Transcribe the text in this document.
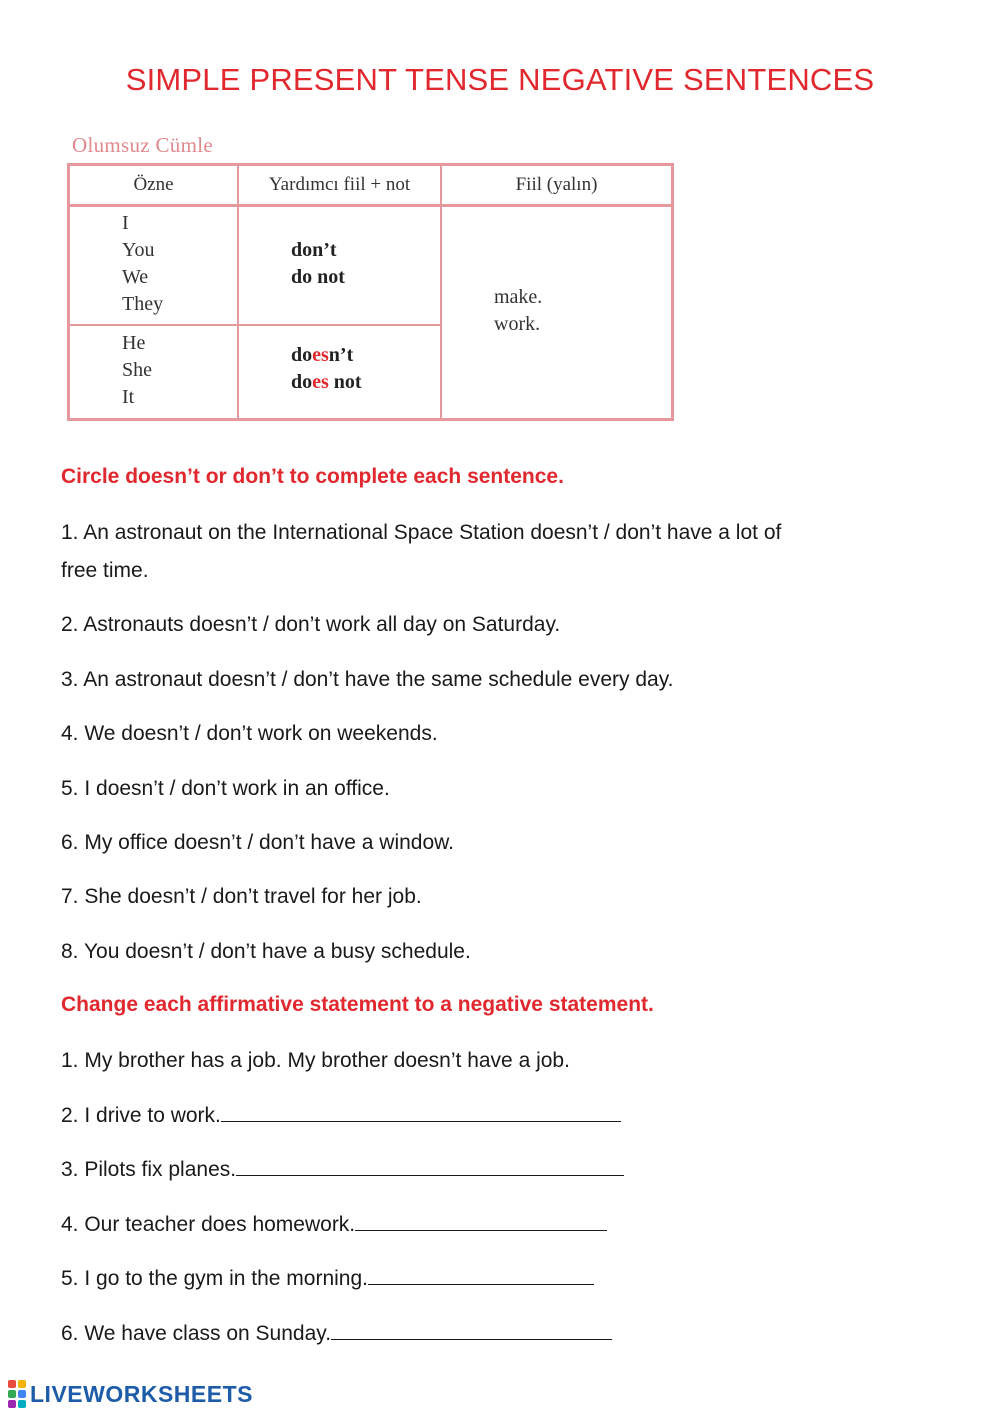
SIMPLE PRESENT TENSE NEGATIVE SENTENCES
Olumsuz Cümle
Özne	Yardımcı fiil + not	Fiil (yalın)
I
You
We
They
don’t
do not
He
She
It
doesn’t
does not
make.
work.
Circle doesn’t or don’t to complete each sentence.
1. An astronaut on the International Space Station doesn’t / don’t have a lot of
free time.
2. Astronauts doesn’t / don’t work all day on Saturday.
3. An astronaut doesn’t / don’t have the same schedule every day.
4. We doesn’t / don’t work on weekends.
5. I doesn’t / don’t work in an office.
6. My office doesn’t / don’t have a window.
7. She doesn’t / don’t travel for her job.
8. You doesn’t / don’t have a busy schedule.
Change each affirmative statement to a negative statement.
1. My brother has a job. My brother doesn’t have a job.
2. I drive to work.
3. Pilots fix planes.
4. Our teacher does homework.
5. I go to the gym in the morning.
6. We have class on Sunday.
LIVEWORKSHEETS
